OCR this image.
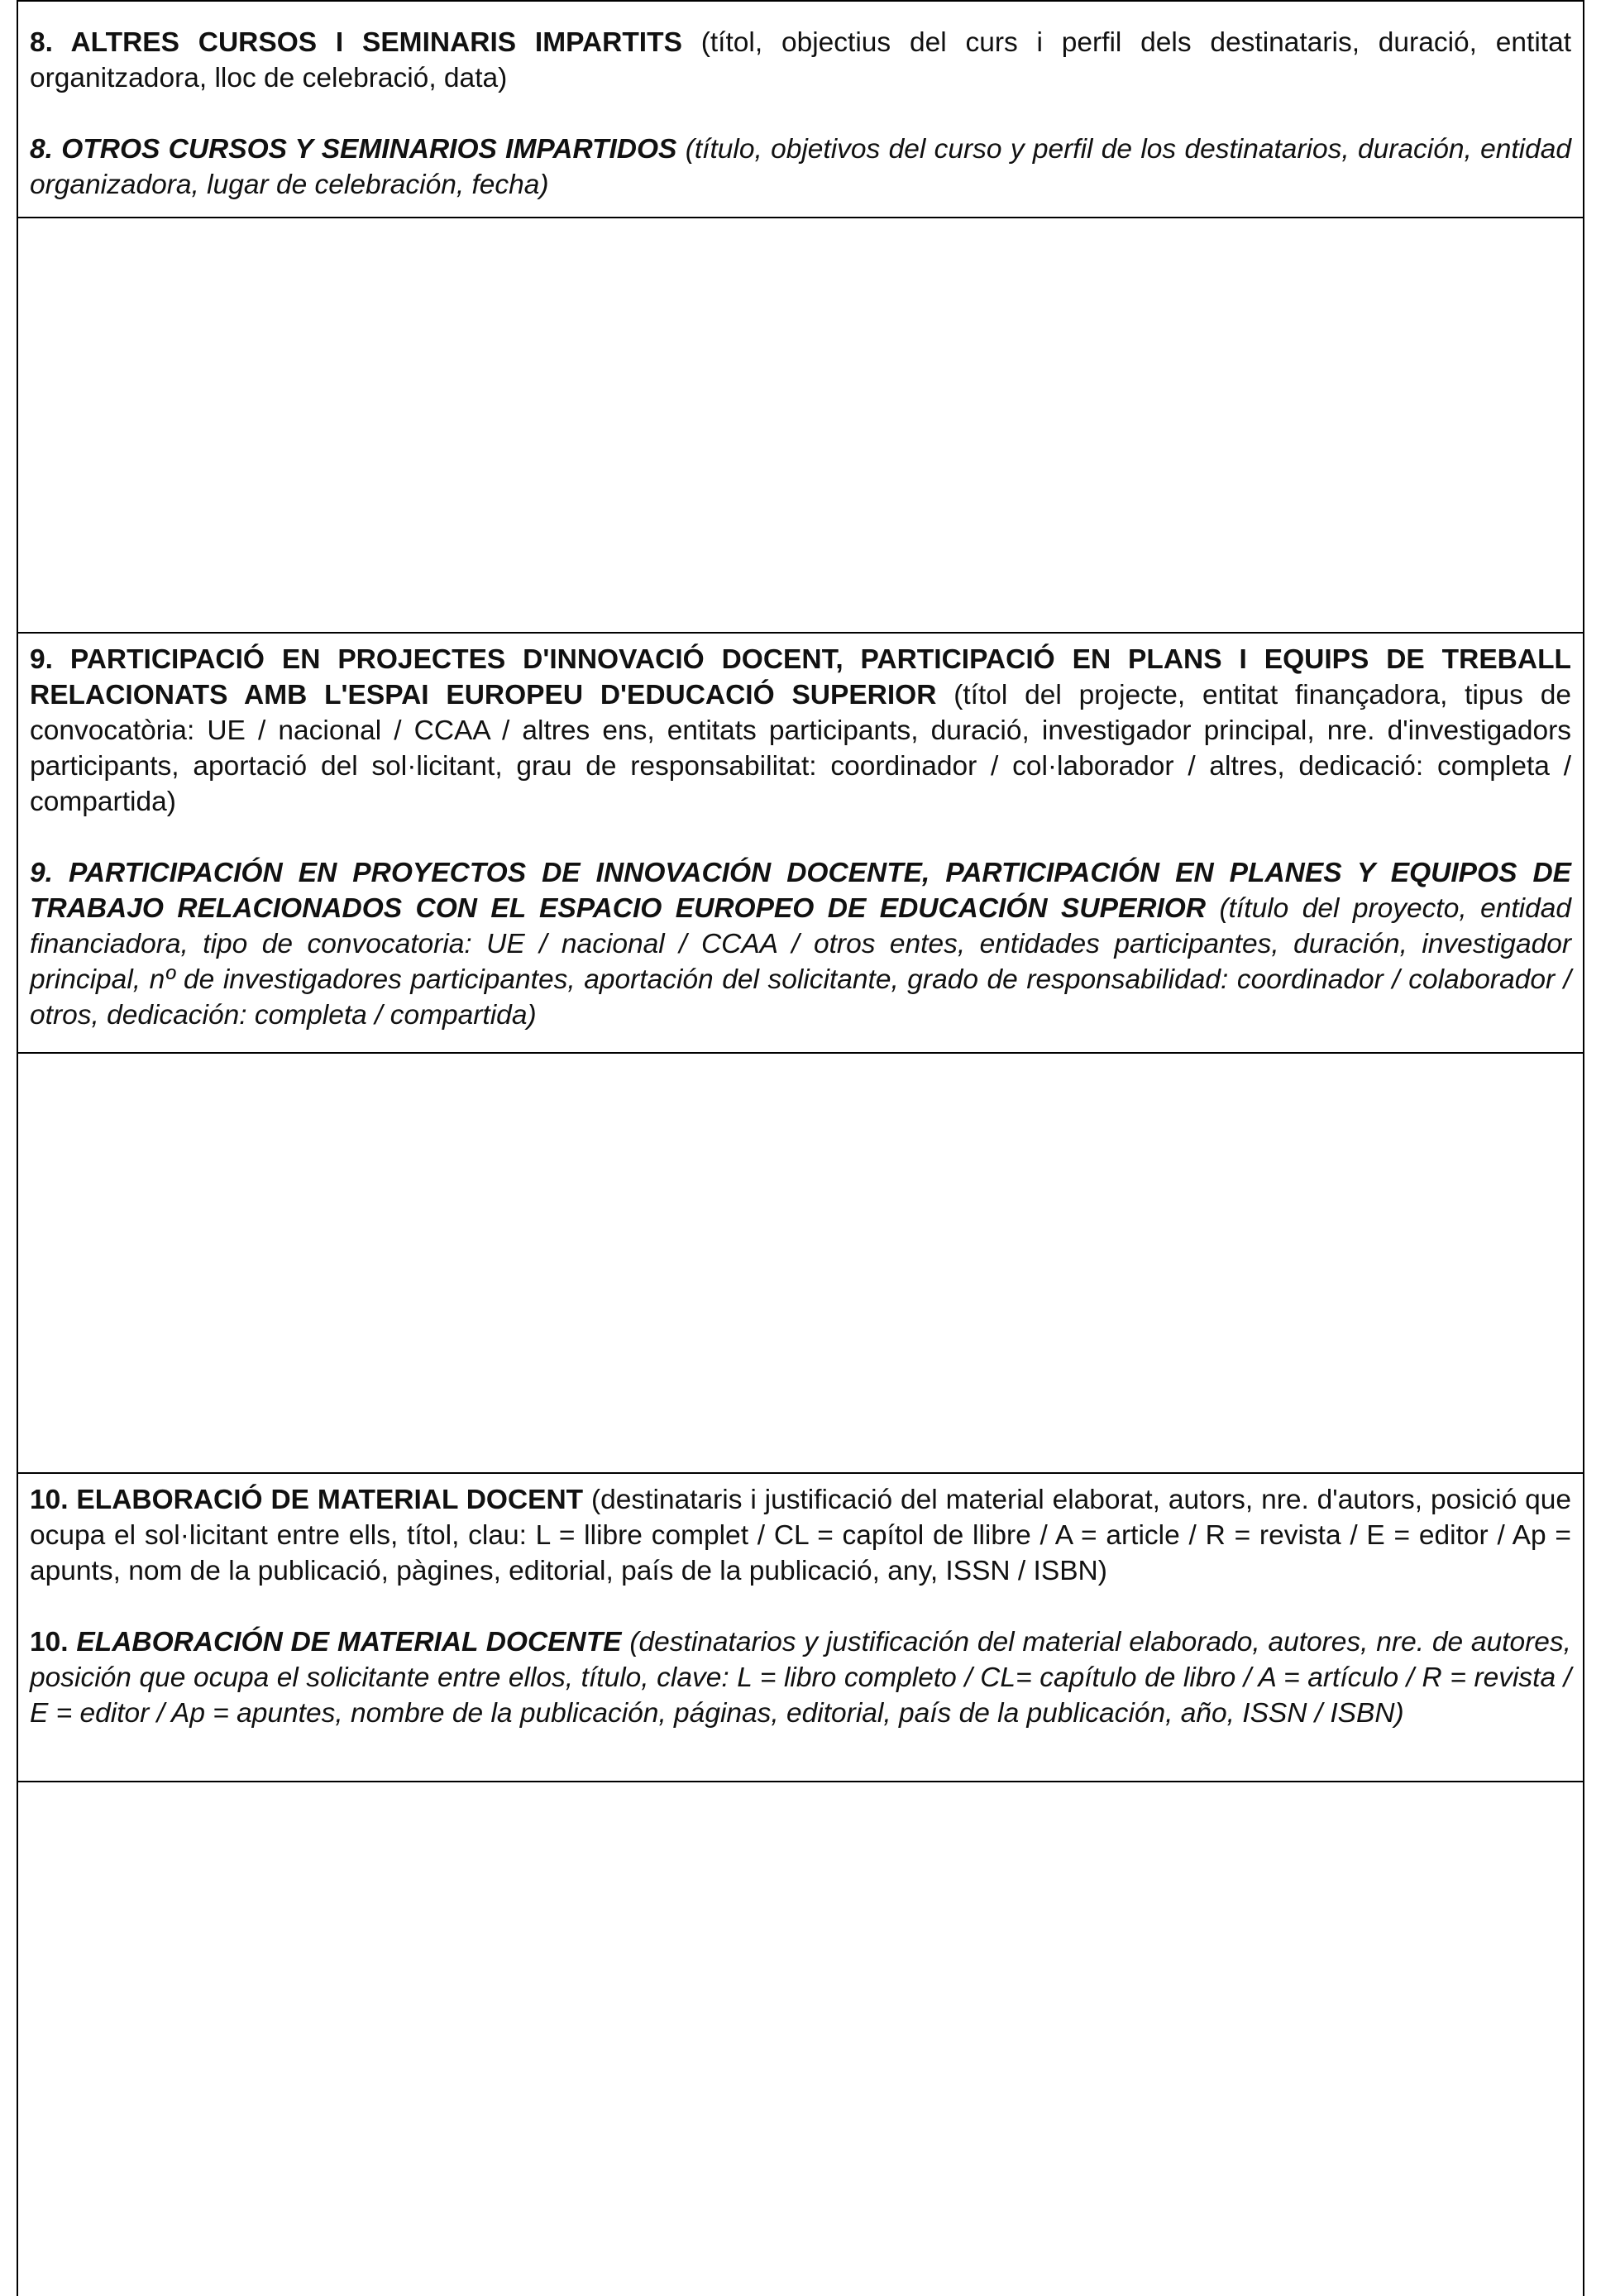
8. ALTRES CURSOS I SEMINARIS IMPARTITS (títol, objectius del curs i perfil dels destinataris, duració, entitat organitzadora, lloc de celebració, data)

8. OTROS CURSOS Y SEMINARIOS IMPARTIDOS (título, objetivos del curso y perfil de los destinatarios, duración, entidad organizadora, lugar de celebración, fecha)

9. PARTICIPACIÓ EN PROJECTES D'INNOVACIÓ DOCENT, PARTICIPACIÓ EN PLANS I EQUIPS DE TREBALL RELACIONATS AMB L'ESPAI EUROPEU D'EDUCACIÓ SUPERIOR (títol del projecte, entitat finançadora, tipus de convocatòria: UE / nacional / CCAA / altres ens, entitats participants, duració, investigador principal, nre. d'investigadors participants, aportació del sol·licitant, grau de responsabilitat: coordinador / col·laborador / altres, dedicació: completa / compartida)

9. PARTICIPACIÓN EN PROYECTOS DE INNOVACIÓN DOCENTE, PARTICIPACIÓN EN PLANES Y EQUIPOS DE TRABAJO RELACIONADOS CON EL ESPACIO EUROPEO DE EDUCACIÓN SUPERIOR (título del proyecto, entidad financiadora, tipo de convocatoria: UE / nacional / CCAA / otros entes, entidades participantes, duración, investigador principal, nº de investigadores participantes, aportación del solicitante, grado de responsabilidad: coordinador / colaborador / otros, dedicación: completa / compartida)

10. ELABORACIÓ DE MATERIAL DOCENT (destinataris i justificació del material elaborat, autors, nre. d'autors, posició que ocupa el sol·licitant entre ells, títol, clau: L = llibre complet / CL = capítol de llibre / A = article / R = revista / E = editor / Ap = apunts, nom de la publicació, pàgines, editorial, país de la publicació, any, ISSN / ISBN)

10. ELABORACIÓN DE MATERIAL DOCENTE (destinatarios y justificación del material elaborado, autores, nre. de autores, posición que ocupa el solicitante entre ellos, título, clave: L = libro completo / CL= capítulo de libro / A = artículo / R = revista / E = editor / Ap = apuntes, nombre de la publicación, páginas, editorial, país de la publicación, año, ISSN / ISBN)
